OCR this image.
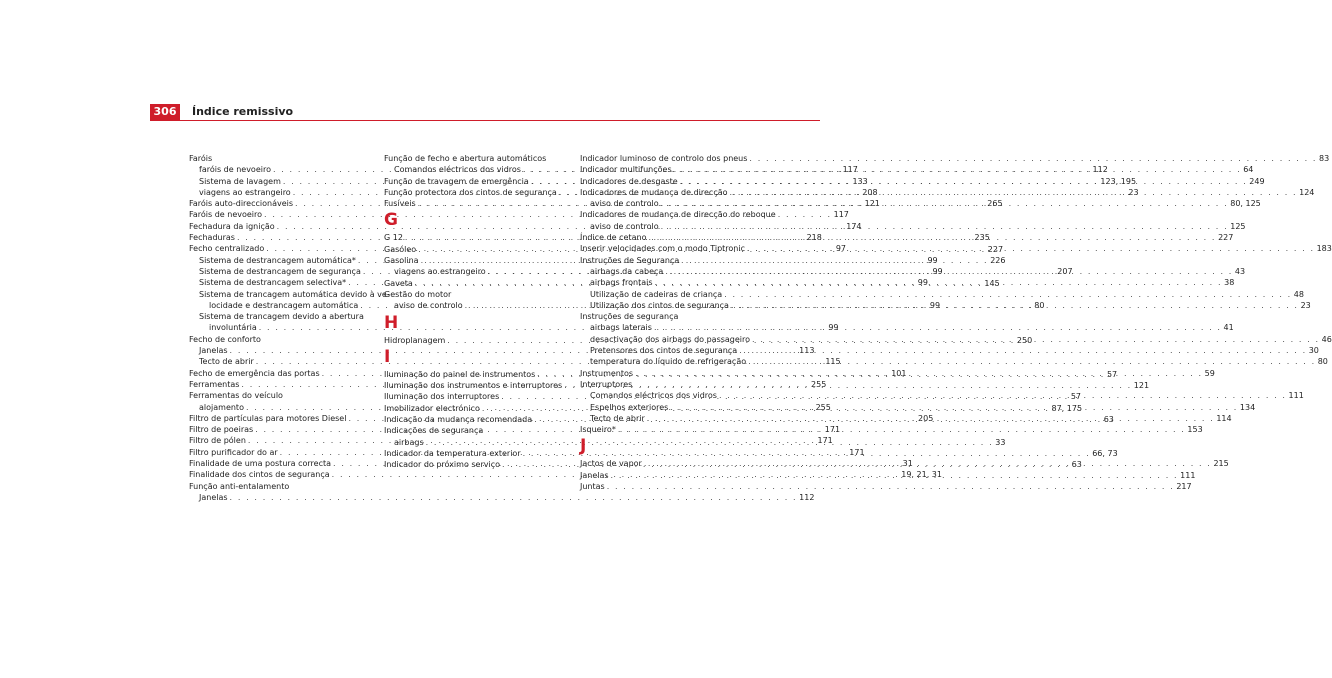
306	Índice remissivo
Faróis
faróis de nevoeiro . . .	117
Sistema de lavagem . . .	133
viagens ao estrangeiro . . .	208
Faróis auto-direccionáveis . . .	121
Faróis de nevoeiro . . .	117
Fechadura da ignição . . .	174
Fechaduras . . .	218
Fecho centralizado . . .	97
Sistema de destrancagem automática* . . .	99
Sistema de destrancagem de segurança . . .	99
Sistema de destrancagem selectiva* . . .	99
Sistema de trancagem automática devido à ve-
locidade e destrancagem automática . . .	99
Sistema de trancagem devido a abertura
involuntária . . .	99
Fecho de conforto
Janelas . . .	113
Tecto de abrir . . .	115
Fecho de emergência das portas . . .	101
Ferramentas . . .	255
Ferramentas do veículo
alojamento . . .	255
Filtro de partículas para motores Diesel . . .	205
Filtro de poeiras . . .	171
Filtro de pólen . . .	171
Filtro purificador do ar . . .	171
Finalidade de uma postura correcta . . .	31
Finalidade dos cintos de segurança . . .	19, 21, 31
Função anti-entalamento
Janelas . . .	112
Função de fecho e abertura automáticos
Comandos eléctricos dos vidros . . .	112
Função de travagem de emergência . . .	123, 195
Função protectora dos cintos de segurança . . .	23
Fusíveis . . .	265
G
G 12 . . .	235
Gasóleo . . .	227
Gasolina . . .	226
viagens ao estrangeiro . . .	207
Gaveta . . .	145
Gestão do motor
aviso de controlo . . .	80
H
Hidroplanagem . . .	250
I
Iluminação do painel de instrumentos . . .	57
Iluminação dos instrumentos e interruptores . . .	121
Iluminação dos interruptores . . .	57
Imobilizador electrónico . . .	87, 175
Indicação da mudança recomendada . . .	63
Indicações de segurança
airbags . . .	33
Indicador da temperatura exterior . . .	66, 73
Indicador do próximo serviço . . .	63
Indicador luminoso de controlo dos pneus . . .	83
Indicador multifunções . . .	64
Indicadores de desgaste . . .	249
Indicadores de mudança de direcção . . .	124
aviso de controlo . . .	80, 125
Indicadores de mudança de direcção do reboque
aviso de controlo . . .	125
Índice de cetano . . .	227
Inserir velocidades com o modo Tiptronic . . .	183
Instruções de Segurança
airbags da cabeça . . .	43
airbags frontais . . .	38
Utilização de cadeiras de criança . . .	48
Utilização dos cintos de segurança . . .	23
Instruções de segurança
airbags laterais . . .	41
desactivação dos airbags do passageiro . . .	46
Pretensores dos cintos de segurança . . .	30
temperatura do líquido de refrigeração . . .	80
Instrumentos . . .	59
Interruptores
Comandos eléctricos dos vidros . . .	111
Espelhos exteriores . . .	134
Tecto de abrir . . .	114
Isqueiro* . . .	153
J
Jactos de vapor . . .	215
Janelas . . .	111
Juntas . . .	217
